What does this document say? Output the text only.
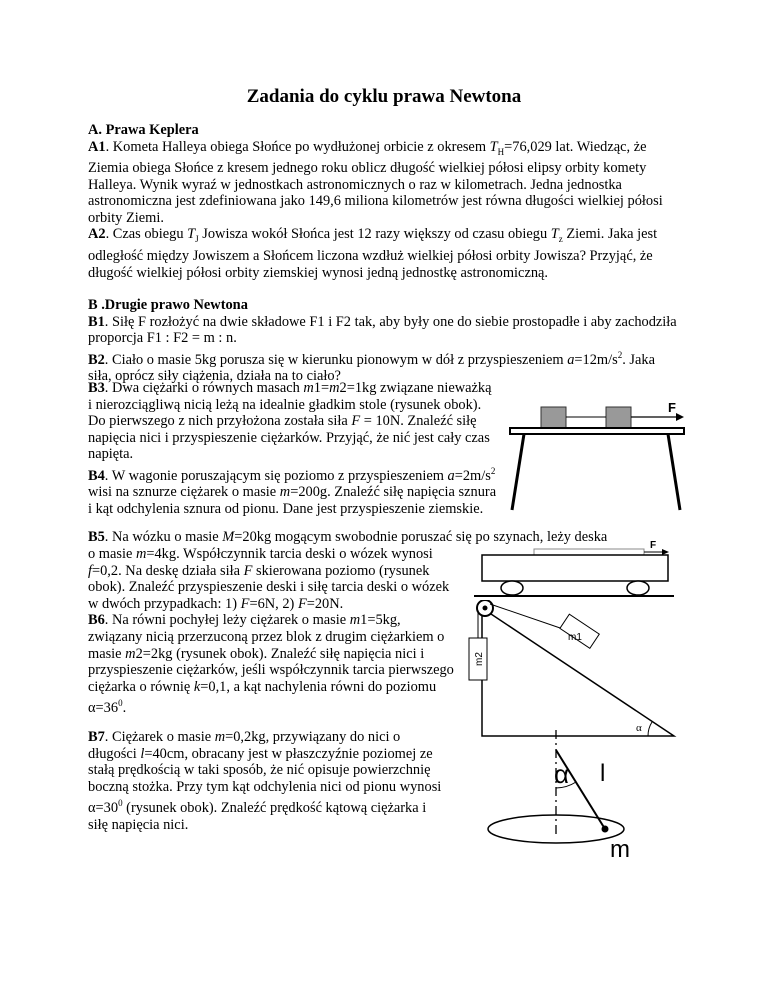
Zadania do cyklu prawa Newtona
A. Prawa Keplera
A1. Kometa Halleya obiega Słońce po wydłużonej orbicie z okresem $T_H=76,029$ lat. Wiedząc, że Ziemia obiega Słońce z kresem jednego roku oblicz długość wielkiej półosi elipsy orbity komety Halleya. Wynik wyraź w jednostkach astronomicznych o raz w kilometrach. Jedna jednostka astronomiczna jest zdefiniowana jako 149,6 miliona kilometrów jest równa długości wielkiej półosi orbity Ziemi.
A2. Czas obiegu $T_J$ Jowisza wokół Słońca jest 12 razy większy od czasu obiegu $T_z$ Ziemi. Jaka jest odległość między Jowiszem a Słońcem liczona wzdłuż wielkiej półosi orbity Jowisza? Przyjąć, że długość wielkiej półosi orbity ziemskiej wynosi jedną jednostkę astronomiczną.
B .Drugie prawo Newtona
B1. Siłę F rozłożyć na dwie składowe F1 i F2 tak, aby były one do siebie prostopadłe i aby zachodziła proporcja F1 : F2 = m : n.
B2. Ciało o masie 5kg porusza się w kierunku pionowym w dół z przyspieszeniem $a=12m/s^2$. Jaka siła, oprócz siły ciążenia, działa na to ciało?
B3. Dwa ciężarki o równych masach m1=m2=1kg związane nieważką i nierozciągliwą nicią leżą na idealnie gładkim stole (rysunek obok). Do pierwszego z nich przyłożona została siła F = 10N. Znaleźć siłę napięcia nici i przyspieszenie ciężarków. Przyjąć, że nić jest cały czas napięta.
B4. W wagonie poruszającym się poziomo z przyspieszeniem $a=2m/s^2$ wisi na sznurze ciężarek o masie m=200g. Znaleźć siłę napięcia sznura i kąt odchylenia sznura od pionu. Dane jest przyspieszenie ziemskie.
B5. Na wózku o masie M=20kg mogącym swobodnie poruszać się po szynach, leży deska
o masie m=4kg. Współczynnik tarcia deski o wózek wynosi f=0,2. Na deskę działa siła F skierowana poziomo (rysunek obok). Znaleźć przyspieszenie deski i siłę tarcia deski o wózek w dwóch przypadkach: 1) F=6N, 2) F=20N.
B6. Na równi pochyłej leży ciężarek o masie m1=5kg, związany nicią przerzuconą przez blok z drugim ciężarkiem o masie m2=2kg (rysunek obok). Znaleźć siłę napięcia nici i przyspieszenie ciężarków, jeśli współczynnik tarcia pierwszego ciężarka o równię k=0,1, a kąt nachylenia równi do poziomu $\alpha=36^0$.
B7. Ciężarek o masie m=0,2kg, przywiązany do nici o długości l=40cm, obracany jest w płaszczyźnie poziomej ze stałą prędkością w taki sposób, że nić opisuje powierzchnię boczną stożka. Przy tym kąt odchylenia nici od pionu wynosi $\alpha=30^0$ (rysunek obok). Znaleźć prędkość kątową ciężarka i siłę napięcia nici.
F
F
m2
m1
α
α l
m
